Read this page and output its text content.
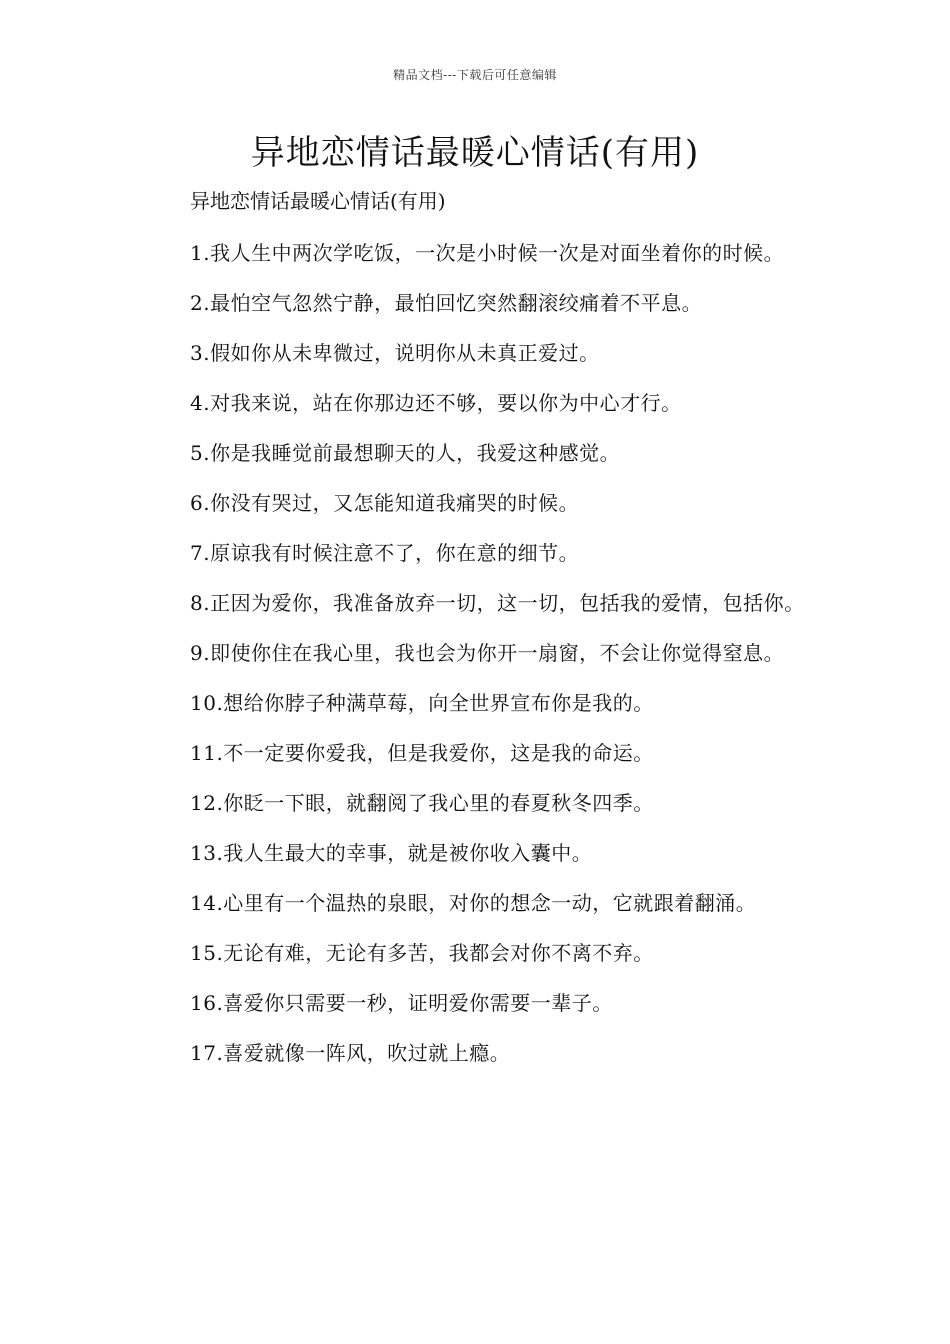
精品文档---下载后可任意编辑
异地恋情话最暖心情话(有用)
异地恋情话最暖心情话(有用)

1.我人生中两次学吃饭，一次是小时候一次是对面坐着你的时候。

2.最怕空气忽然宁静，最怕回忆突然翻滚绞痛着不平息。

3.假如你从未卑微过，说明你从未真正爱过。

4.对我来说，站在你那边还不够，要以你为中心才行。

5.你是我睡觉前最想聊天的人，我爱这种感觉。

6.你没有哭过，又怎能知道我痛哭的时候。

7.原谅我有时候注意不了，你在意的细节。

8.正因为爱你，我准备放弃一切，这一切，包括我的爱情，包括你。

9.即使你住在我心里，我也会为你开一扇窗，不会让你觉得窒息。

10.想给你脖子种满草莓，向全世界宣布你是我的。

11.不一定要你爱我，但是我爱你，这是我的命运。

12.你眨一下眼，就翻阅了我心里的春夏秋冬四季。

13.我人生最大的幸事，就是被你收入囊中。

14.心里有一个温热的泉眼，对你的想念一动，它就跟着翻涌。

15.无论有难，无论有多苦，我都会对你不离不弃。

16.喜爱你只需要一秒，证明爱你需要一辈子。

17.喜爱就像一阵风，吹过就上瘾。
